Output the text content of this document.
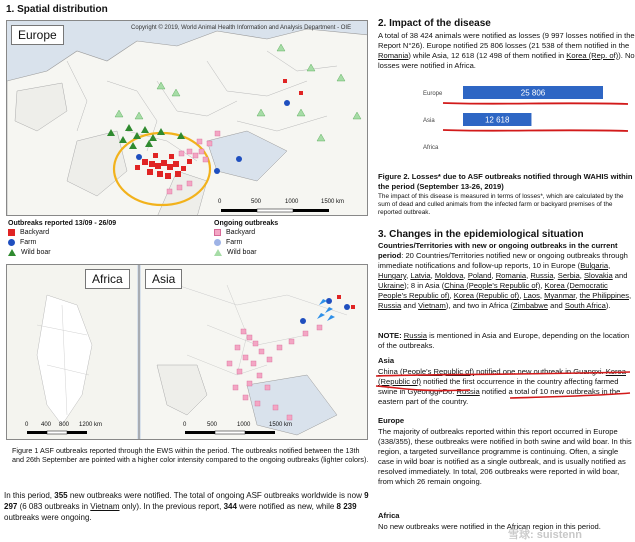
1. Spatial distribution
Europe	Copyright © 2019, World Animal Health Information and Analysis Department - OIE
0	500	1000	1500 km
Outbreaks reported 13/09 - 26/09
Backyard
Farm
Wild boar
Ongoing outbreaks
Backyard
Farm
Wild boar
Africa	Asia
0 400 800 1200 km	0	500	1000	1500 km
Figure 1 ASF outbreaks reported through the EWS within the period. The outbreaks notified between the 13th and 26th September are pointed with a higher color intensity compared to the ongoing outbreaks (lighter colors).
In this period, 355 new outbreaks were notified. The total of ongoing ASF outbreaks worldwide is now 9 297 (6 083 outbreaks in Vietnam only). In the previous report, 344 were notified as new, while 8 239 outbreaks were ongoing.
2. Impact of the disease
A total of 38 424 animals were notified as losses (9 997 losses notified in the Report N°26). Europe notified 25 806 losses (21 538 of them notified in the Romania) while Asia, 12 618 (12 498 of them notified in Korea (Rep. of)). No losses were notified in Africa.
Europe	25 806
Asia	12 618
Africa
Figure 2. Losses* due to ASF outbreaks notified through WAHIS within the period (September 13-26, 2019)
The impact of this disease is measured in terms of losses*, which are calculated by the sum of dead and culled animals from the infected farm or backyard premises of the reported outbreak.
3. Changes in the epidemiological situation
Countries/Territories with new or ongoing outbreaks in the current period: 20 Countries/Territories notified new or ongoing outbreaks through immediate notifications and follow-up reports, 10 in Europe (Bulgaria, Hungary, Latvia, Moldova, Poland, Romania, Russia, Serbia, Slovakia and Ukraine); 8 in Asia (China (People's Republic of), Korea (Democratic People's Republic of), Korea (Republic of), Laos, Myanmar, the Philippines, Russia and Vietnam), and two in Africa (Zimbabwe and South Africa).
NOTE: Russia is mentioned in Asia and Europe, depending on the location of the outbreaks.
Asia
China (People's Republic of) notified one new outbreak in Guangxi. Korea (Republic of) notified the first occurrence in the country affecting farmed swine in Gyeonggi-Do. Russia notified a total of 10 new outbreaks in the eastern part of the country.
Europe
The majority of outbreaks reported within this report occurred in Europe (338/355), these outbreaks were notified in both swine and wild boar. In this region, a targeted surveillance programme is continuing. Often, a single case in wild boar is notified as a single outbreak, and is usually notified as resolved immediately. In total, 206 outbreaks were reported in wild boar, from which 26 remain ongoing.
Africa
No new outbreaks were notified in the African region in this period.
雪球: suistenn
